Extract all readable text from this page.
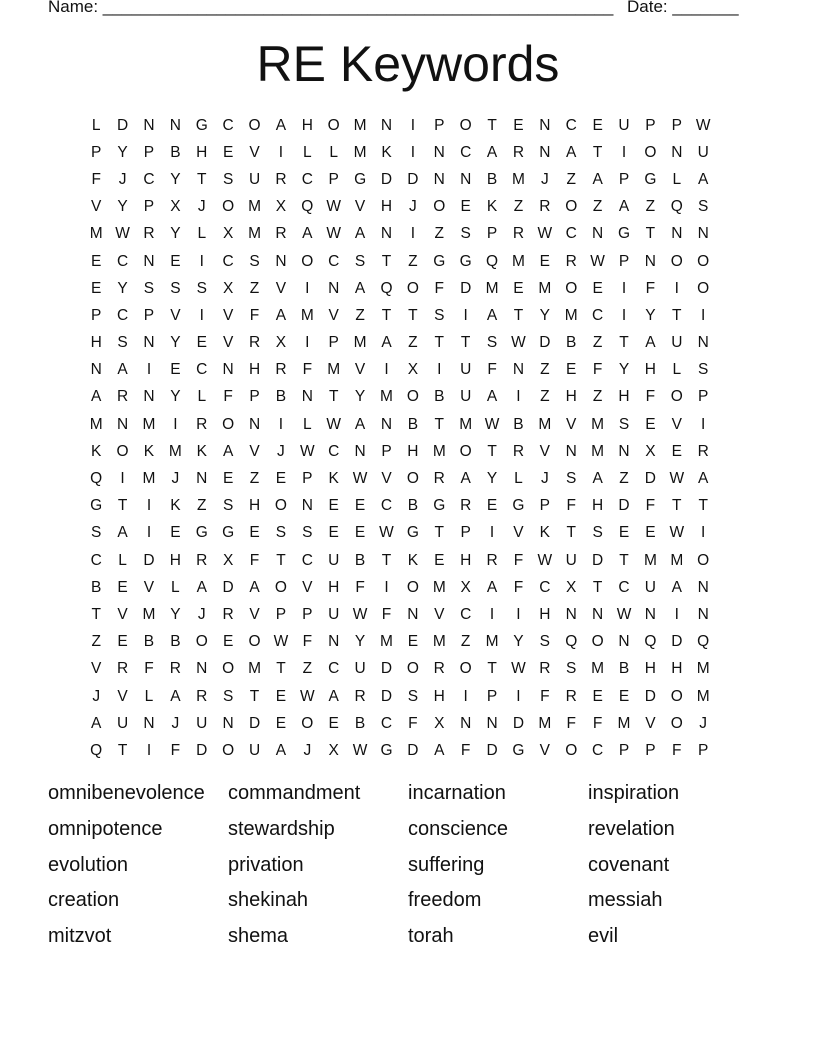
Name: ______________________________________________________ Date: _______
RE Keywords
L	D N N G C O A	H O M N	I	P O	T	E	N C	E	U	P	P W
P	Y	P	B	H	E	V	I	L	L	M K	I	N C	A	R N	A	T	I	O N U
F	J	C	Y	T	S	U R C	P G D D N N	B M	J	Z	A	P G	L	A
V	Y	P	X	J	O M X Q W V	H	J	O E	K	Z	R O	Z	A	Z	Q S
M W R	Y	L	X M R	A W A	N	I	Z	S	P	R W C N G	T	N N
E	C N	E	I	C	S	N O C	S	T	Z	G G Q M E	R W P	N O O
E	Y	S	S	S	X	Z	V	I	N	A Q O	F	D M E M O E	I	F	I	O
P	C	P	V	I	V	F	A M V	Z	T	T	S	I	A	T	Y M C	I	Y	T	I
H	S	N	Y	E	V	R	X	I	P M A	Z	T	T	S W D	B	Z	T	A	U N
N	A	I	E	C N H R	F M V	I	X	I	U	F	N	Z	E	F	Y	H	L	S
A	R N	Y	L	F	P	B	N	T	Y M O B	U	A	I	Z	H	Z	H	F	O P
M N M	I	R O N	I	L W A	N	B	T M W B M V M S	E	V	I
K O K M K	A	V	J W C N	P	H M O	T	R	V	N M N	X	E	R
Q	I	M	J	N	E	Z	E	P	K W V O R	A	Y	L	J	S	A	Z	D W A
G	T	I	K	Z	S	H O N	E	E	C	B G R	E G P	F	H D	F	T	T
S	A	I	E G G E	S	S	E	E W G	T	P	I	V	K	T	S	E	E W	I
C	L	D H R	X	F	T	C U	B	T	K	E	H R	F W U D	T M M O
B	E	V	L	A	D	A O V	H	F	I	O M X	A	F	C	X	T	C U	A	N
T	V M Y	J	R	V	P	P	U W F	N	V	C	I	I	H N N W N	I	N
Z	E	B	B O E O W F	N	Y M E M Z M Y	S Q O N Q D Q
V	R	F	R N O M T	Z	C U D O R O	T W R	S M B	H H M
J	V	L	A	R	S	T	E W A	R D	S	H	I	P	I	F	R	E	E	D O M
A	U N	J	U N D	E O E	B	C	F	X	N N D M F	F M V O	J
Q	T	I	F	D O U	A	J	X W G D	A	F	D G V O C	P	P	F	P
omnibenevolence	commandment	incarnation	inspiration
omnipotence	stewardship	conscience	revelation
evolution	privation	suffering	covenant
creation	shekinah	freedom	messiah
mitzvot	shema	torah	evil
